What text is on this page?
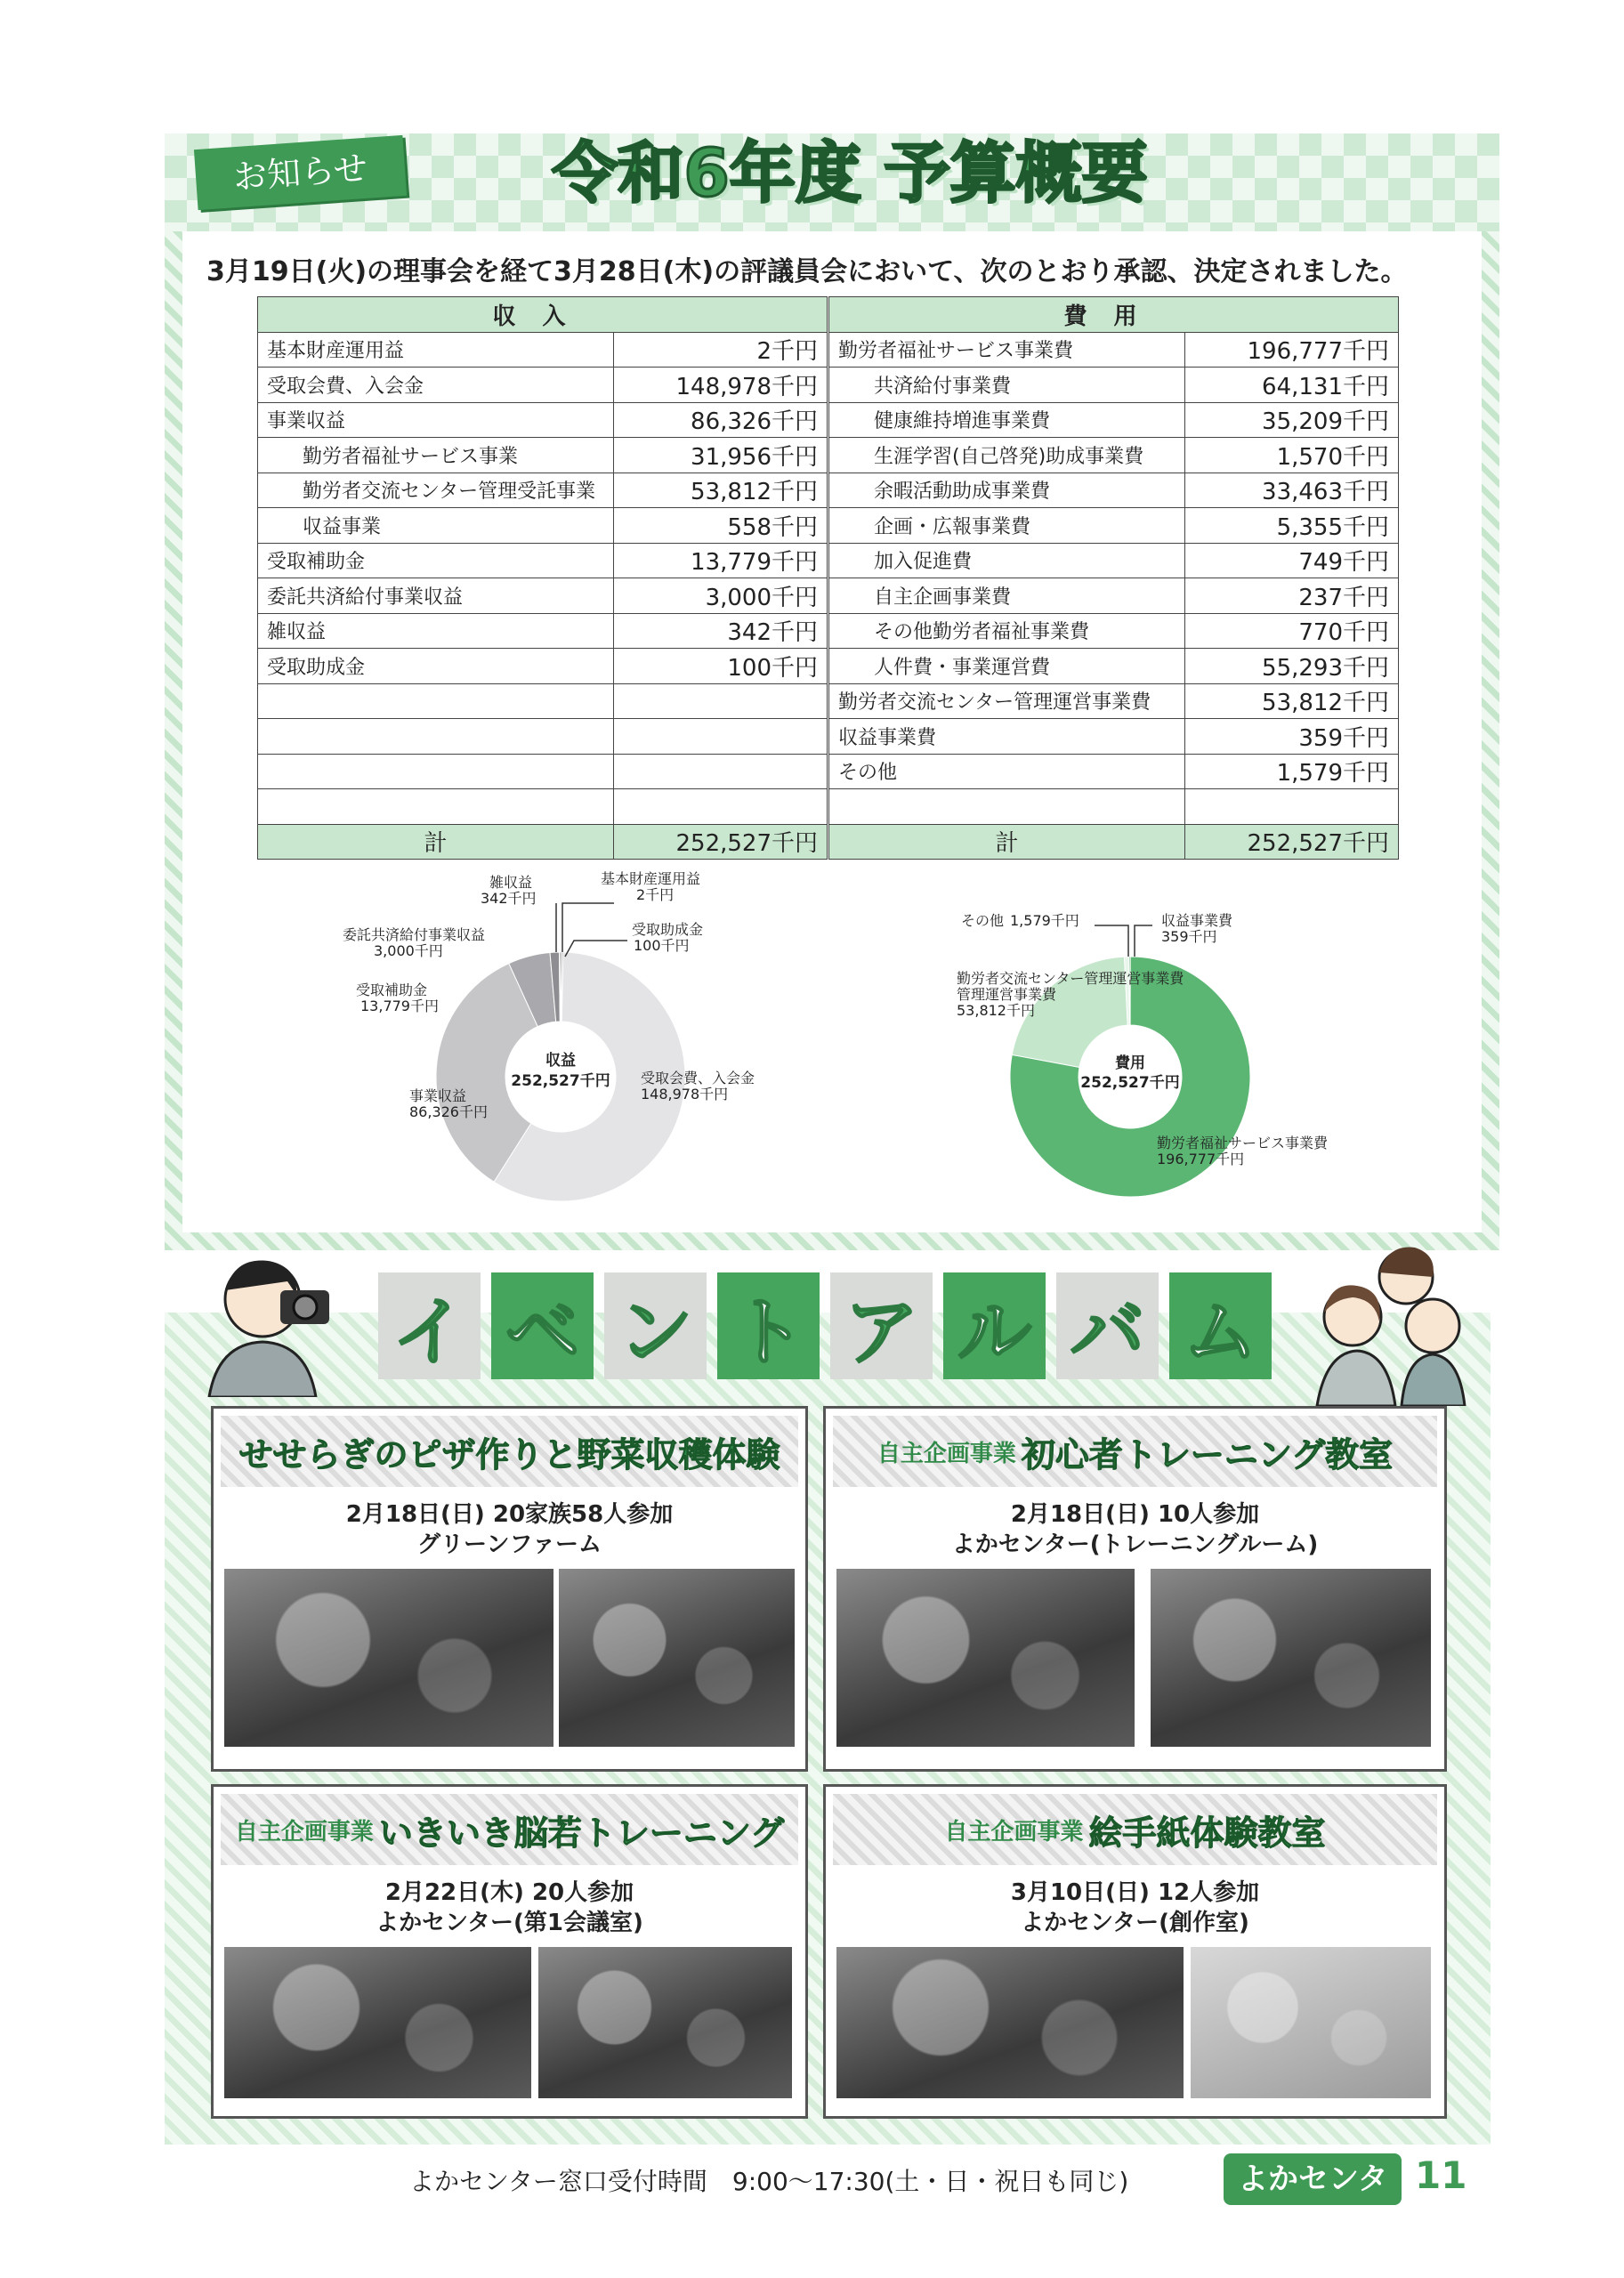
お知らせ	令和6年度 予算概要
3月19日(火)の理事会を経て3月28日(木)の評議員会において、次のとおり承認、決定されました。
収入	
基本財産運用益	2千円
受取会費、入会金	148,978千円
事業収益	86,326千円
勤労者福祉サービス事業	31,956千円
勤労者交流センター管理受託事業	53,812千円
収益事業	558千円
受取補助金	13,779千円
委託共済給付事業収益	3,000千円
雑収益	342千円
受取助成金	100千円

計	252,527千円
費用	
勤労者福祉サービス事業費	196,777千円
共済給付事業費	64,131千円
健康維持増進事業費	35,209千円
生涯学習(自己啓発)助成事業費	1,570千円
余暇活動助成事業費	33,463千円
企画・広報事業費	5,355千円
加入促進費	749千円
自主企画事業費	237千円
その他勤労者福祉事業費	770千円
人件費・事業運営費	55,293千円
勤労者交流センター管理運営事業費	53,812千円
収益事業費	359千円
その他	1,579千円

計	252,527千円
収益
252,527千円 受取会費、入会金
148,978千円
事業収益
86,326千円
受取補助金
13,779千円
委託共済給付事業収益
3,000千円
雑収益
342千円
基本財産運用益
2千円
受取助成金
100千円
費用
252,527千円
勤労者福祉サービス事業費
196,777千円
勤労者交流センター管理運営事業費
53,812千円
管理運営事業費
その他 1,579千円	収益事業費
359千円
イ ベ ン ト ア ル バ ム
せせらぎのピザ作りと野菜収穫体験
2月18日(日) 20家族58人参加
グリーンファーム
自主企画事業 初心者トレーニング教室
2月18日(日) 10人参加
よかセンター(トレーニングルーム)
自主企画事業 いきいき脳若トレーニング
2月22日(木) 20人参加
よかセンター(第1会議室)
自主企画事業 絵手紙体験教室
3月10日(日) 12人参加
よかセンター(創作室)
よかセンター窓口受付時間　9:00～17:30(土・日・祝日も同じ)	よかセンター
11
